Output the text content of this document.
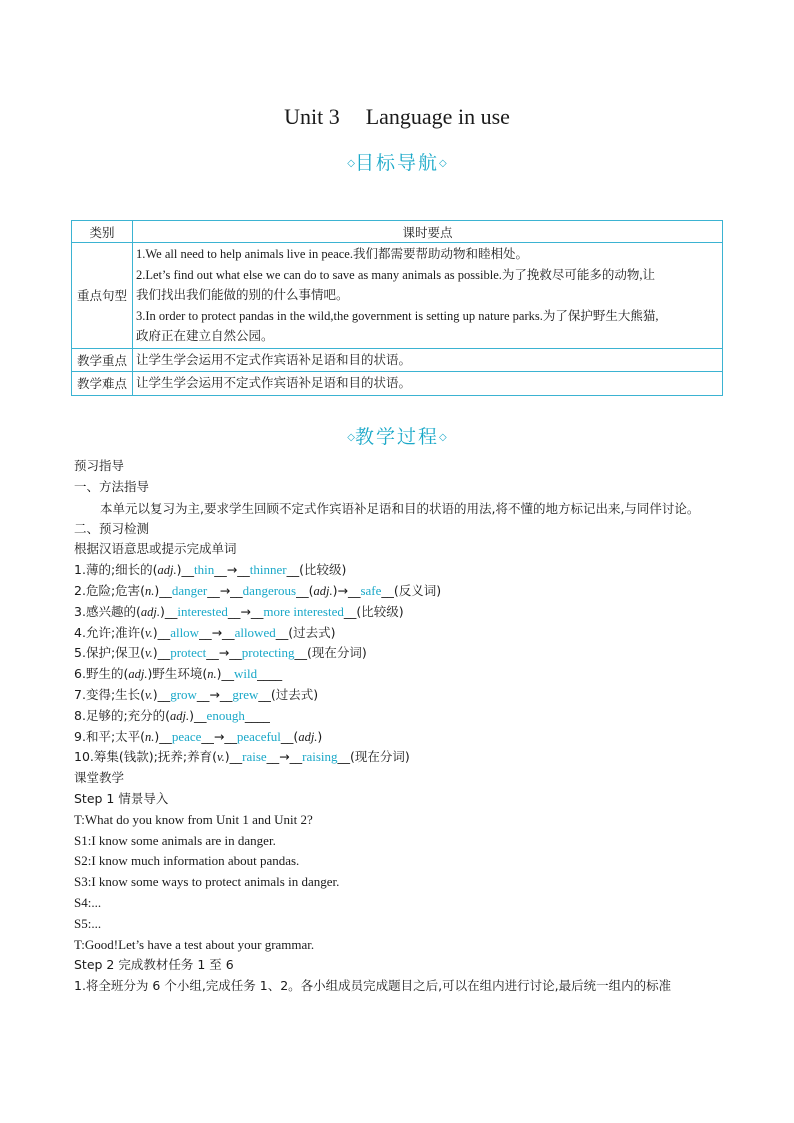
Unit 3 Language in use
◇目标导航◇
类别	课时要点
重点句型	1.We all need to help animals live in peace.我们都需要帮助动物和睦相处。
2.Let’s find out what else we can do to save as many animals as possible.为了挽救尽可能多的动物,让
我们找出我们能做的别的什么事情吧。
3.In order to protect pandas in the wild,the government is setting up nature parks.为了保护野生大熊猫,
政府正在建立自然公园。

教学重点	让学生学会运用不定式作宾语补足语和目的状语。
教学难点	让学生学会运用不定式作宾语补足语和目的状语。
◇教学过程◇
预习指导
一、方法指导
本单元以复习为主,要求学生回顾不定式作宾语补足语和目的状语的用法,将不懂的地方标记出来,与同伴讨论。
二、预习检测
根据汉语意思或提示完成单词
1.薄的;细长的(adj.)__thin__→__thinner__(比较级)
2.危险;危害(n.)__danger__→__dangerous__(adj.)→__safe__(反义词)
3.感兴趣的(adj.)__interested__→__more interested__(比较级)
4.允许;准许(v.)__allow__→__allowed__(过去式)
5.保护;保卫(v.)__protect__→__protecting__(现在分词)
6.野生的(adj.)野生环境(n.)__wild____
7.变得;生长(v.)__grow__→__grew__(过去式)
8.足够的;充分的(adj.)__enough____
9.和平;太平(n.)__peace__→__peaceful__(adj.)
10.筹集(钱款);抚养;养育(v.)__raise__→__raising__(现在分词)
课堂教学
Step 1 情景导入
T:What do you know from Unit 1 and Unit 2?
S1:I know some animals are in danger.
S2:I know much information about pandas.
S3:I know some ways to protect animals in danger.
S4:...
S5:...
T:Good!Let’s have a test about your grammar.
Step 2 完成教材任务 1 至 6
1.将全班分为 6 个小组,完成任务 1、2。各小组成员完成题目之后,可以在组内进行讨论,最后统一组内的标准
